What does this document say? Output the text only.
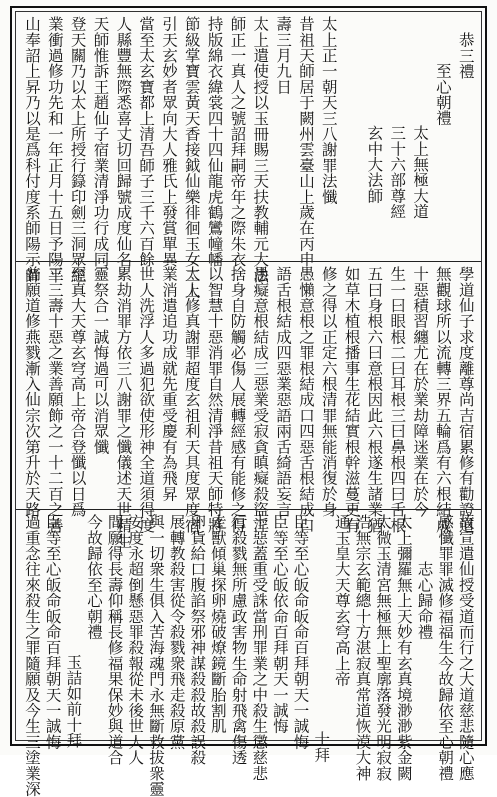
恭三禮
至心朝禮
太上無極大道
三十六部尊經
玄中大法師
太上正一朝天三八謝罪法懺
昔祖天師居于闕州雲臺山上歲在丙申
壽三月九日
太上遣使授以玉冊賜三天扶教輔元大法
師正一真人之號詔拜嗣帝年之際朱衣
持版綿衣緯裳四十四仙龍虎鶴鸞幢幡
節級掌寶雲黃天香接鉞仙樂徘徊玉女二人
引天玄妙者眾向大人雅氏上發賞單異
當至太玄寶都上清吾師子三千六百餘
人縣豐無際悉喜丈切回歸號成度仙名
天師惟訴王趙仙子宿業清淨功行成同
登天關乃以太上所授行籙印劍三洞眾經
業衝過修功先和一年正月十五日予陽平
山奉詔上昇乃以是爲科付度系師陽示師
學道仙子求度離尊尚吉宿累修有勸證道
無觀球所以流轉三界五輪爲有六根結成
十惡積習纏尤在於業劫障迷業在於今
生一曰眼根二曰耳根三曰鼻根四曰舌根
五曰身根六曰意根因此六根遂生諸業猶
如草木植根播事生花結實根幹滋蔓更有
修之得以正定六根清罪無能消復於身
愚懶意根之罪根結成口四惡舌根結成口
語舌根結成四惡業惡語兩舌綺語妄言
愚癡意根結成三惡業受寂貪瞋癡殺盜淫
捨身自防觸必傷人展轉經感有能修之得
以智慧十惡消罪自然清淨昔祖天師特將
太上修真謝罪超度玄祖利天具度眾度宿
業消遣追功成就先重受慶有為飛昇
世人洗浮人多過犯欲使形神全道須得度
累劫消罪方依三八謝罪之懺儀述天世精生
靈祭合一誠悔過可以消眾懺
至真大天尊玄穹高上帝合登懺以日爲
三三壽十惡之業善願飾之一十二百之善
普願道修燕戮漸入仙宗次第升於天路
故宣遣仙授受道而行之大道慈悲隨心應
感懺罪罪滅修福福生今故歸依至心朝禮
志心歸命禮
太上彌羅無上天妙有玄真境渺渺紫金闕
太微玉清宮無極無上聖廓落發光明寂寂
浩無宗玄範總十方湛寂真常道恢漠大神
通玉皇大天尊玄穹高上帝
十拜
臣等至心皈命皈命百拜朝天一誠悔
臣等至心皈依命百拜朝天一誠悔
十惡蓋重受誅當刑罪業之中殺生懲慈悲
行殺戮無所慮政害物生命射飛禽傷透
走獸傾巢探卵燒破燎鏡斷胎割肌
卵貨給口腹諂祭邪神謀殺殺故殺誤殺
展轉教殺害從令殺戮衆飛走殺原黨
與一切衆生俱入苦海魂門永無斷救拔衆靈
安度永超倒懸惡罪殺報從未後世人人
間願得長壽仰稱長修福果保妙與道合
今故歸依至心朝禮
玉詰如前十拜
臣等至心皈命皈命百拜朝天一誠悔
過重念往來殺生之罪隨願及今生三塗業深
